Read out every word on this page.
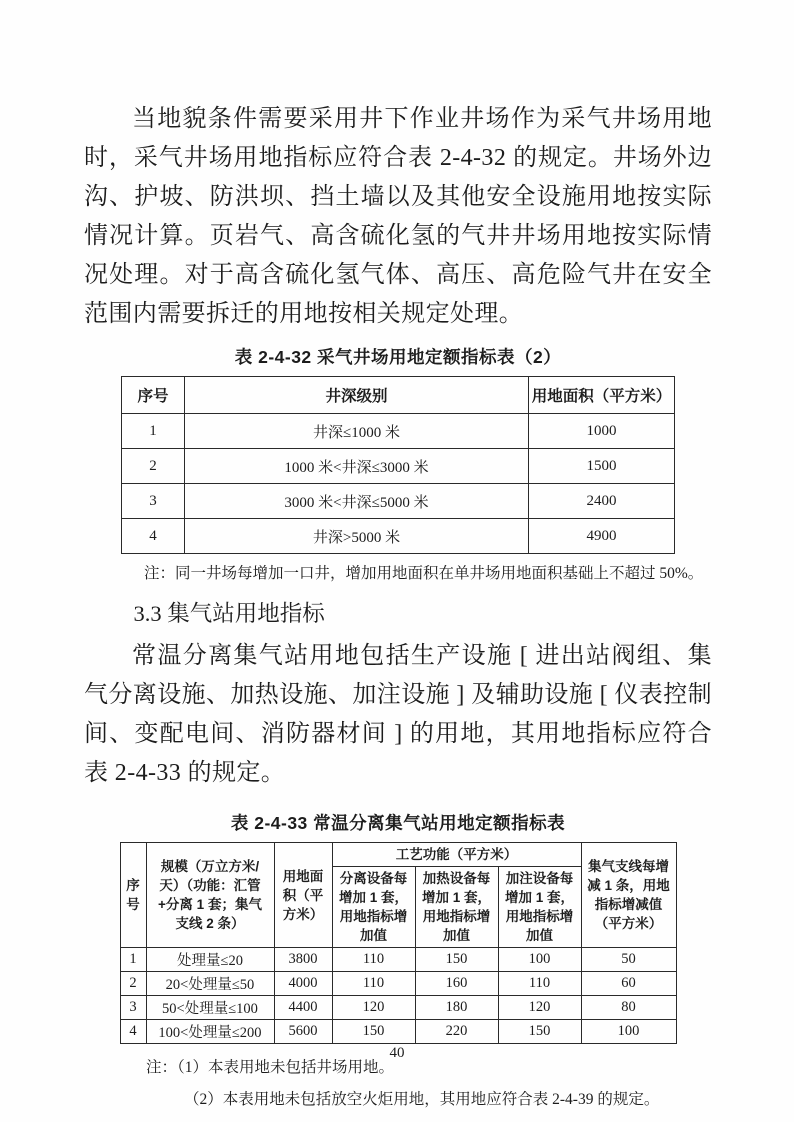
当地貌条件需要采用井下作业井场作为采气井场用地时，采气井场用地指标应符合表 2-4-32 的规定。井场外边沟、护坡、防洪坝、挡土墙以及其他安全设施用地按实际情况计算。页岩气、高含硫化氢的气井井场用地按实际情况处理。对于高含硫化氢气体、高压、高危险气井在安全范围内需要拆迁的用地按相关规定处理。

表 2-4-32 采气井场用地定额指标表（2）
序号	井深级别	用地面积（平方米）
1	井深≤1000 米	1000
2	1000 米<井深≤3000 米	1500
3	3000 米<井深≤5000 米	2400
4	井深>5000 米	4900
注：同一井场每增加一口井，增加用地面积在单井场用地面积基础上不超过 50%。
3.3 集气站用地指标

常温分离集气站用地包括生产设施 [ 进出站阀组、集气分离设施、加热设施、加注设施 ] 及辅助设施 [ 仪表控制间、变配电间、消防器材间 ] 的用地，其用地指标应符合表 2-4-33 的规定。

表 2-4-33 常温分离集气站用地定额指标表
序号	规模（万立方米/天）（功能：汇管+分离 1 套；集气支线 2 条）	用地面积（平方米）	工艺功能（平方米）			集气支线每增减 1 条，用地指标增减值（平方米）
			分离设备每增加 1 套，用地指标增加值	加热设备每增加 1 套，用地指标增加值	加注设备每增加 1 套，用地指标增加值	
1	处理量≤20	3800	110	150	100	50
2	20<处理量≤50	4000	110	160	110	60
3	50<处理量≤100	4400	120	180	120	80
4	100<处理量≤200	5600	150	220	150	100
注：（1）本表用地未包括井场用地。
（2）本表用地未包括放空火炬用地，其用地应符合表 2-4-39 的规定。
40
